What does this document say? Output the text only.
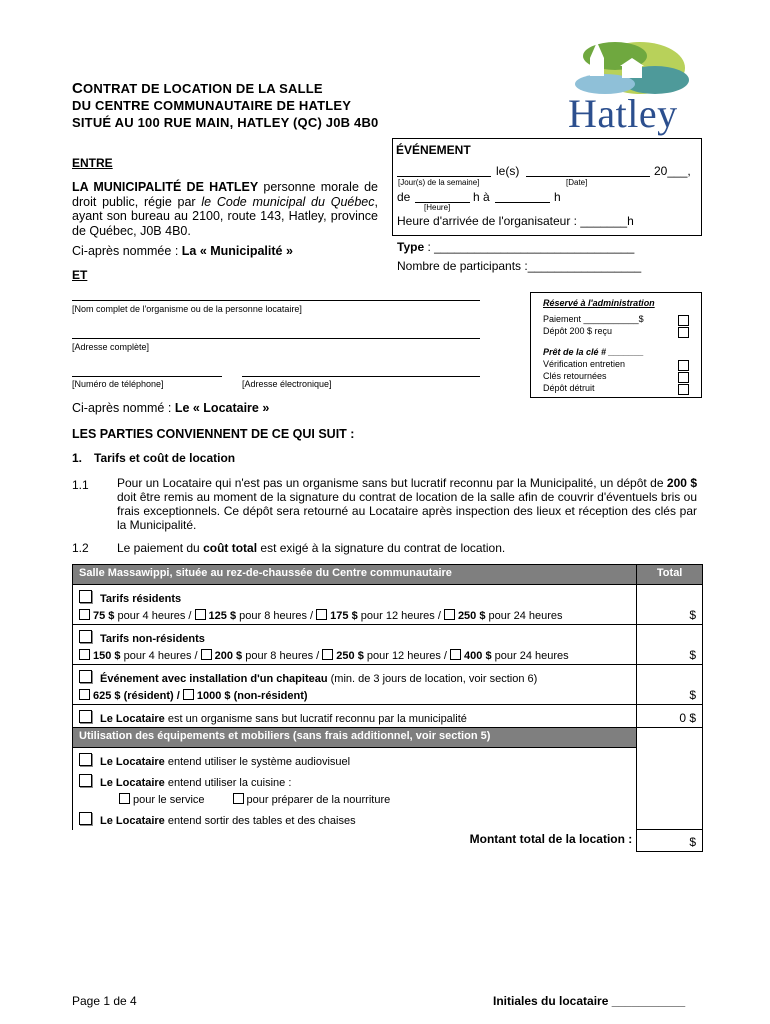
CONTRAT DE LOCATION DE LA SALLE
DU CENTRE COMMUNAUTAIRE DE HATLEY
SITUÉ AU 100 RUE MAIN, HATLEY (QC) J0B 4B0	Hatley
ENTRE
LA MUNICIPALITÉ DE HATLEY personne morale de droit public, régie par le Code municipal du Québec, ayant son bureau au 2100, route 143, Hatley, province de Québec, J0B 4B0.
Ci-après nommée : La « Municipalité »
ET
ÉVÉNEMENT
le(s)	20___,
[Jour(s) de la semaine]	[Date]
de	h à	h
[Heure]
Heure d'arrivée de l'organisateur : _______h
Type : ______________________________
Nombre de participants :_________________
[Nom complet de l'organisme ou de la personne locataire]
[Adresse complète]
[Numéro de téléphone]	[Adresse électronique]
Ci-après nommé : Le « Locataire »
Réservé à l'administration
Paiement ___________$
Dépôt 200 $ reçu
Prêt de la clé # _______
Vérification entretien
Clés retournées
Dépôt détruit
LES PARTIES CONVIENNENT DE CE QUI SUIT :
1. Tarifs et coût de location
1.1 Pour un Locataire qui n'est pas un organisme sans but lucratif reconnu par la Municipalité, un dépôt de 200 $ doit être remis au moment de la signature du contrat de location de la salle afin de couvrir d'éventuels bris ou frais exceptionnels. Ce dépôt sera retourné au Locataire après inspection des lieux et réception des clés par la Municipalité.
1.2 Le paiement du coût total est exigé à la signature du contrat de location.
Salle Massawippi, située au rez-de-chaussée du Centre communautaire	Total

Tarifs résidents
75 $ pour 4 heures / 125 $ pour 8 heures / 175 $ pour 12 heures / 250 $ pour 24 heures	$

Tarifs non-résidents
150 $ pour 4 heures / 200 $ pour 8 heures / 250 $ pour 12 heures / 400 $ pour 24 heures	$

Événement avec installation d'un chapiteau (min. de 3 jours de location, voir section 6)
625 $ (résident) / 1000 $ (non-résident)	$

Le Locataire est un organisme sans but lucratif reconnu par la municipalité	0 $
Utilisation des équipements et mobiliers (sans frais additionnel, voir section 5)	

Le Locataire entend utiliser le système audiovisuel
Le Locataire entend utiliser la cuisine :
pour le service pour préparer de la nourriture
Le Locataire entend sortir des tables et des chaises	

Montant total de la location :	$
Page 1 de 4	Initiales du locataire ___________
